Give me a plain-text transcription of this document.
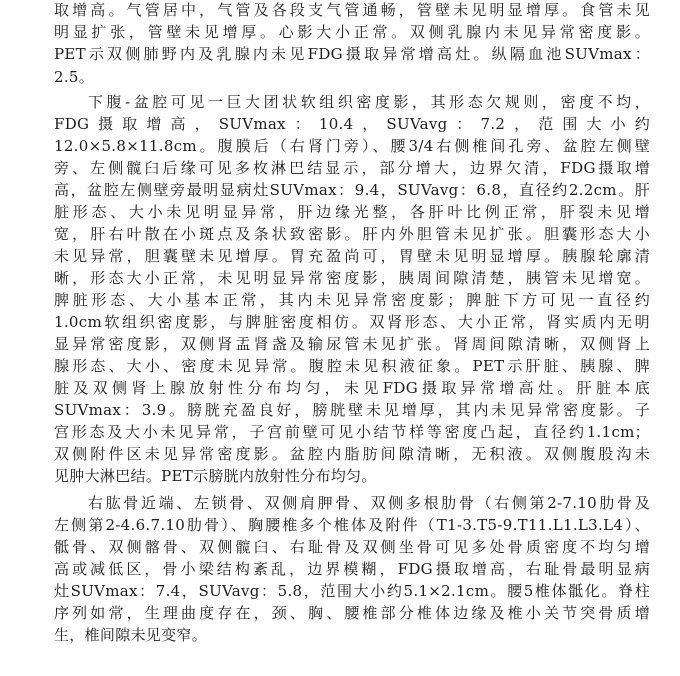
取增高。气管居中，气管及各段支气管通畅，管壁未见明显增厚。食管未见
明显扩张，管壁未见增厚。心影大小正常。双侧乳腺内未见异常密度影。
PET示双侧肺野内及乳腺内未见FDG摄取异常增高灶。纵隔血池SUVmax：
2.5。
下腹-盆腔可见一巨大团状软组织密度影，其形态欠规则，密度不均，
FDG摄取增高，SUVmax：10.4，SUVavg：7.2，范围大小约
12.0×5.8×11.8cm。腹膜后（右肾门旁）、腰3/4右侧椎间孔旁、盆腔左侧壁
旁、左侧髋臼后缘可见多枚淋巴结显示，部分增大，边界欠清，FDG摄取增
高，盆腔左侧壁旁最明显病灶SUVmax：9.4，SUVavg：6.8，直径约2.2cm。肝
脏形态、大小未见明显异常，肝边缘光整，各肝叶比例正常，肝裂未见增
宽，肝右叶散在小斑点及条状致密影。肝内外胆管未见扩张。胆囊形态大小
未见异常，胆囊壁未见增厚。胃充盈尚可，胃壁未见明显增厚。胰腺轮廓清
晰，形态大小正常，未见明显异常密度影，胰周间隙清楚，胰管未见增宽。
脾脏形态、大小基本正常，其内未见异常密度影；脾脏下方可见一直径约
1.0cm软组织密度影，与脾脏密度相仿。双肾形态、大小正常，肾实质内无明
显异常密度影，双侧肾盂肾盏及输尿管未见扩张。肾周间隙清晰，双侧肾上
腺形态、大小、密度未见异常。腹腔未见积液征象。PET示肝脏、胰腺、脾
脏及双侧肾上腺放射性分布均匀，未见FDG摄取异常增高灶。肝脏本底
SUVmax：3.9。膀胱充盈良好，膀胱壁未见增厚，其内未见异常密度影。子
宫形态及大小未见异常，子宫前壁可见小结节样等密度凸起，直径约1.1cm；
双侧附件区未见异常密度影。盆腔内脂肪间隙清晰，无积液。双侧腹股沟未
见肿大淋巴结。PET示膀胱内放射性分布均匀。
右肱骨近端、左锁骨、双侧肩胛骨、双侧多根肋骨（右侧第2-7.10肋骨及
左侧第2-4.6.7.10肋骨）、胸腰椎多个椎体及附件（T1-3.T5-9.T11.L1.L3.L4）、
骶骨、双侧髂骨、双侧髋臼、右耻骨及双侧坐骨可见多处骨质密度不均匀增
高或减低区，骨小梁结构紊乱，边界模糊，FDG摄取增高，右耻骨最明显病
灶SUVmax：7.4，SUVavg：5.8，范围大小约5.1×2.1cm。腰5椎体骶化。脊柱
序列如常，生理曲度存在，颈、胸、腰椎部分椎体边缘及椎小关节突骨质增
生，椎间隙未见变窄。
